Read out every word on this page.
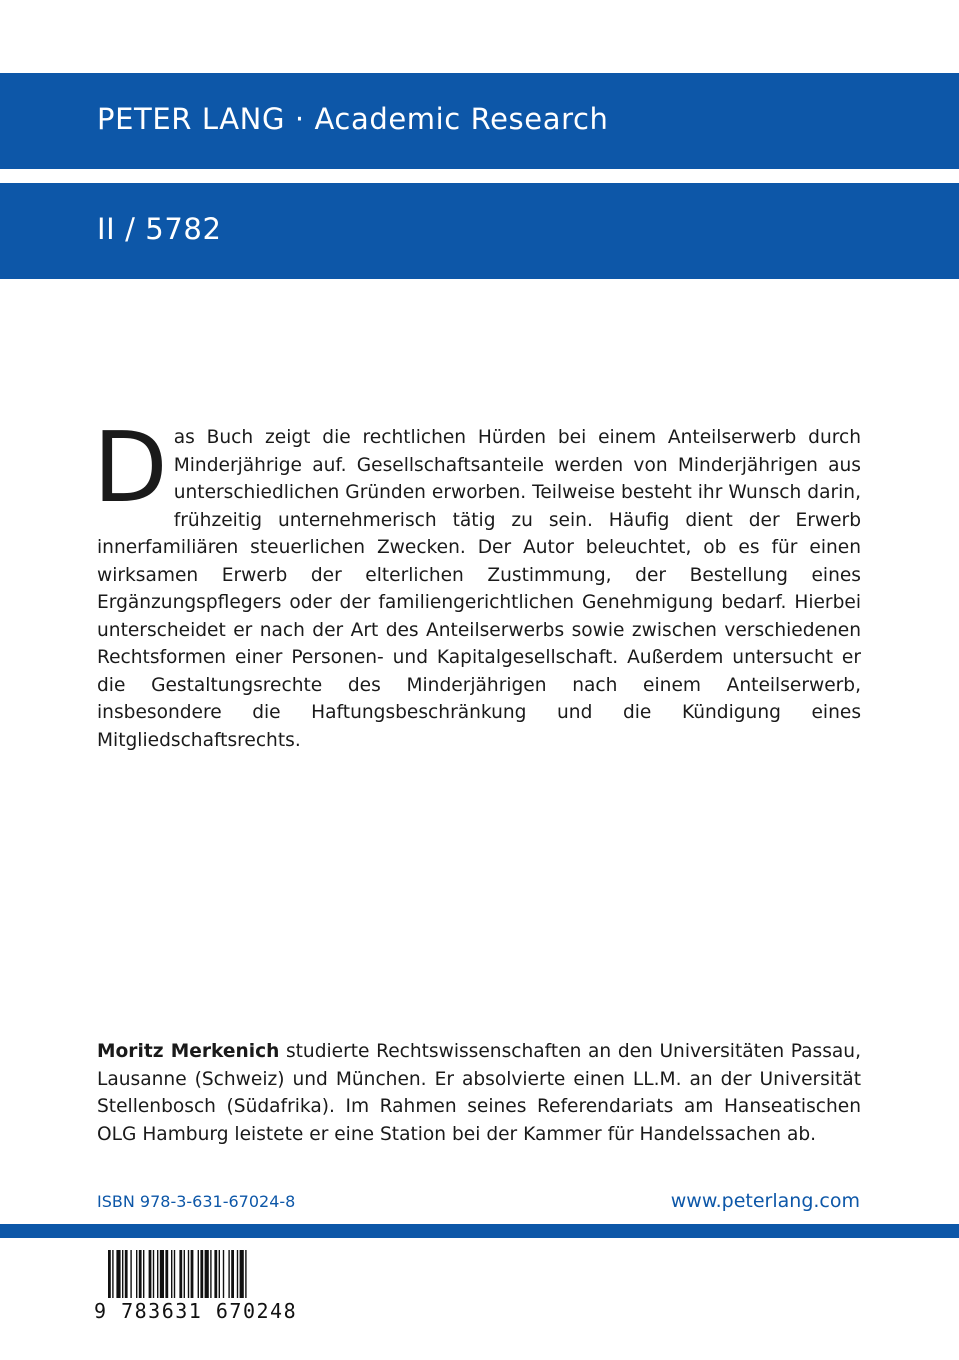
PETER LANG · Academic Research
II / 5782
Das Buch zeigt die rechtlichen Hürden bei einem Anteilserwerb durch Minderjährige auf. Gesellschaftsanteile werden von Minderjährigen aus unterschiedlichen Gründen erworben. Teilweise besteht ihr Wunsch darin, frühzeitig unternehmerisch tätig zu sein. Häufig dient der Erwerb innerfamiliären steuerlichen Zwecken. Der Autor beleuchtet, ob es für einen wirksamen Erwerb der elterlichen Zustimmung, der Bestellung eines Ergänzungspflegers oder der familiengerichtlichen Genehmigung bedarf. Hierbei unterscheidet er nach der Art des Anteilserwerbs sowie zwischen verschiedenen Rechtsformen einer Personen- und Kapitalgesellschaft. Außerdem untersucht er die Gestaltungsrechte des Minderjährigen nach einem Anteilserwerb, insbesondere die Haftungsbeschränkung und die Kündigung eines Mitgliedschaftsrechts.
Moritz Merkenich studierte Rechtswissenschaften an den Universitäten Passau, Lausanne (Schweiz) und München. Er absolvierte einen LL.M. an der Universität Stellenbosch (Südafrika). Im Rahmen seines Referendariats am Hanseatischen OLG Hamburg leistete er eine Station bei der Kammer für Handelssachen ab.
ISBN 978-3-631-67024-8	www.peterlang.com
9 783631 670248
